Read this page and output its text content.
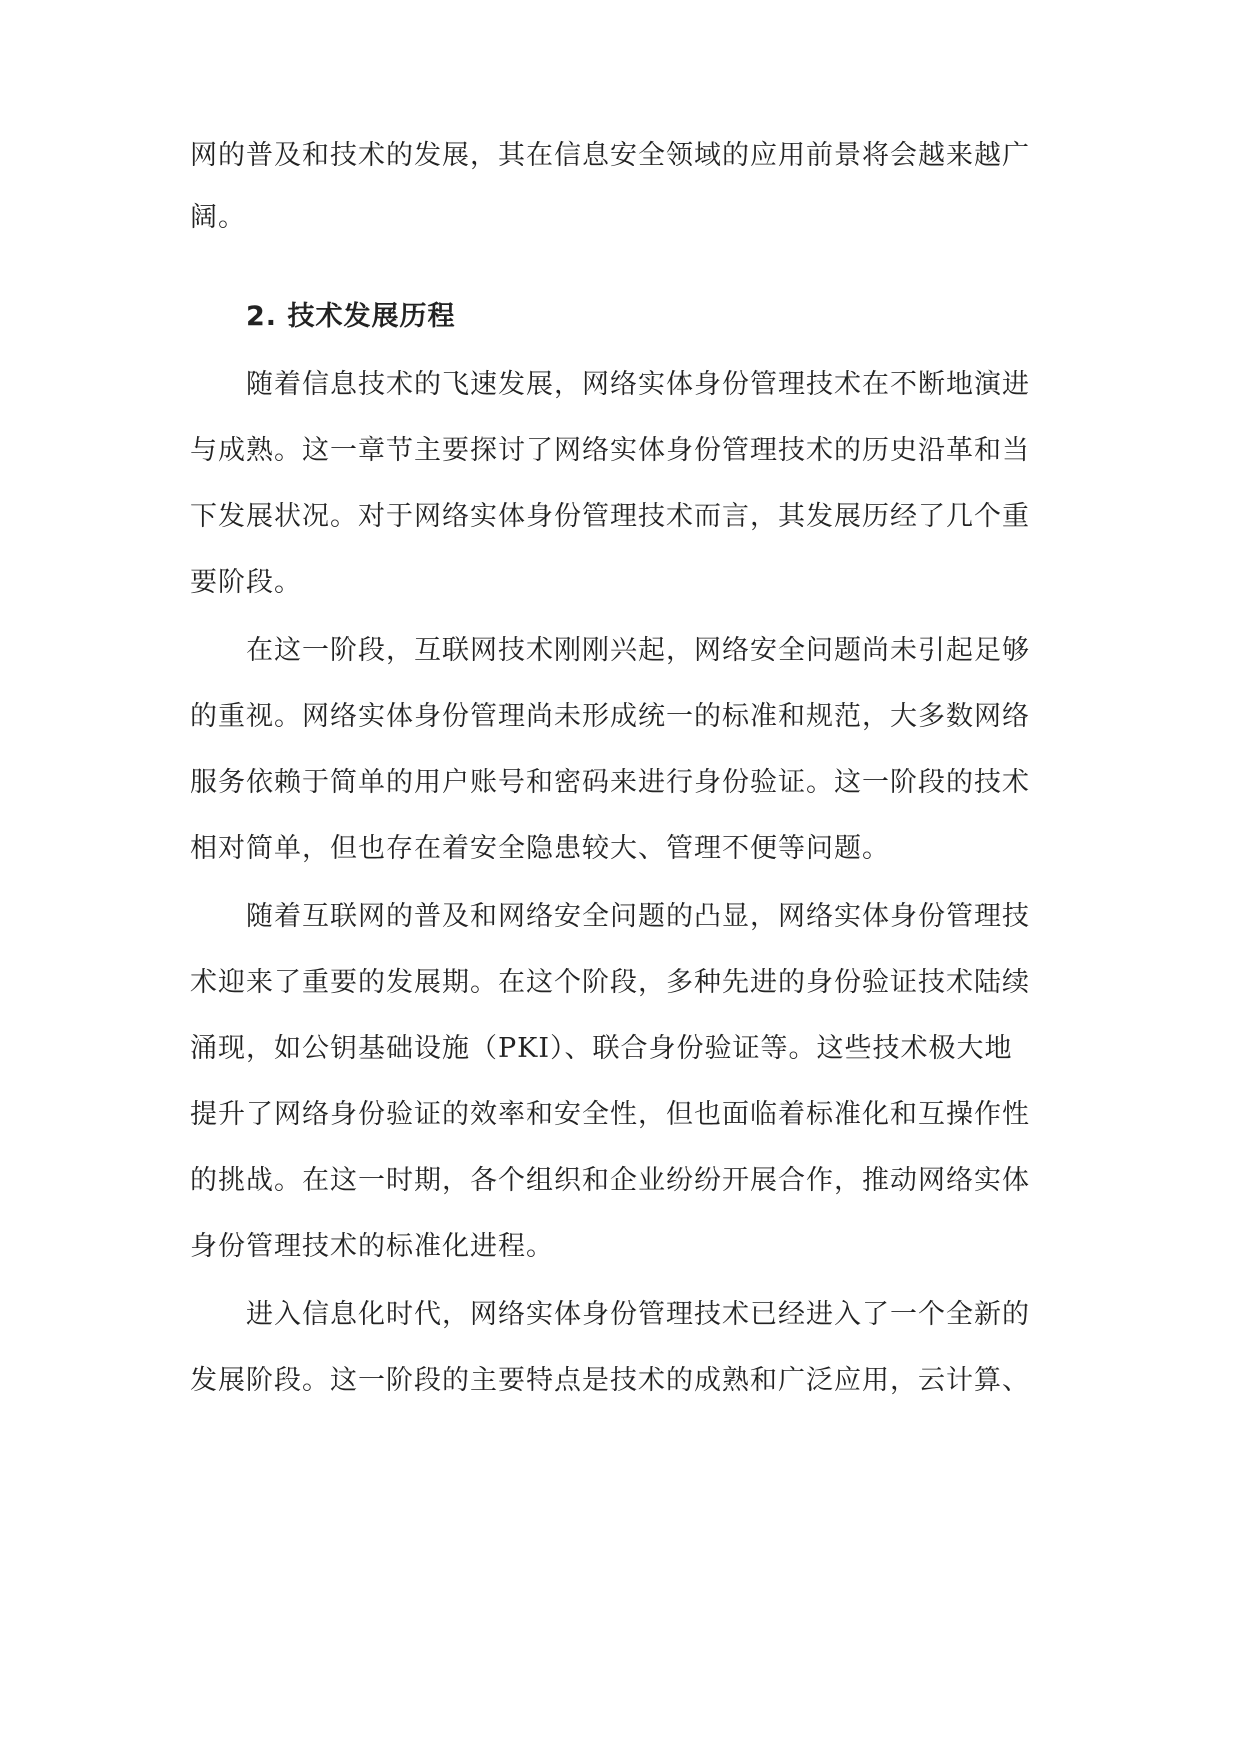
网的普及和技术的发展，其在信息安全领域的应用前景将会越来越广

阔。

2. 技术发展历程

随着信息技术的飞速发展，网络实体身份管理技术在不断地演进

与成熟。这一章节主要探讨了网络实体身份管理技术的历史沿革和当

下发展状况。对于网络实体身份管理技术而言，其发展历经了几个重

要阶段。

在这一阶段，互联网技术刚刚兴起，网络安全问题尚未引起足够

的重视。网络实体身份管理尚未形成统一的标准和规范，大多数网络

服务依赖于简单的用户账号和密码来进行身份验证。这一阶段的技术

相对简单，但也存在着安全隐患较大、管理不便等问题。

随着互联网的普及和网络安全问题的凸显，网络实体身份管理技

术迎来了重要的发展期。在这个阶段，多种先进的身份验证技术陆续

涌现，如公钥基础设施（PKI）、联合身份验证等。这些技术极大地

提升了网络身份验证的效率和安全性，但也面临着标准化和互操作性

的挑战。在这一时期，各个组织和企业纷纷开展合作，推动网络实体

身份管理技术的标准化进程。

进入信息化时代，网络实体身份管理技术已经进入了一个全新的

发展阶段。这一阶段的主要特点是技术的成熟和广泛应用，云计算、
